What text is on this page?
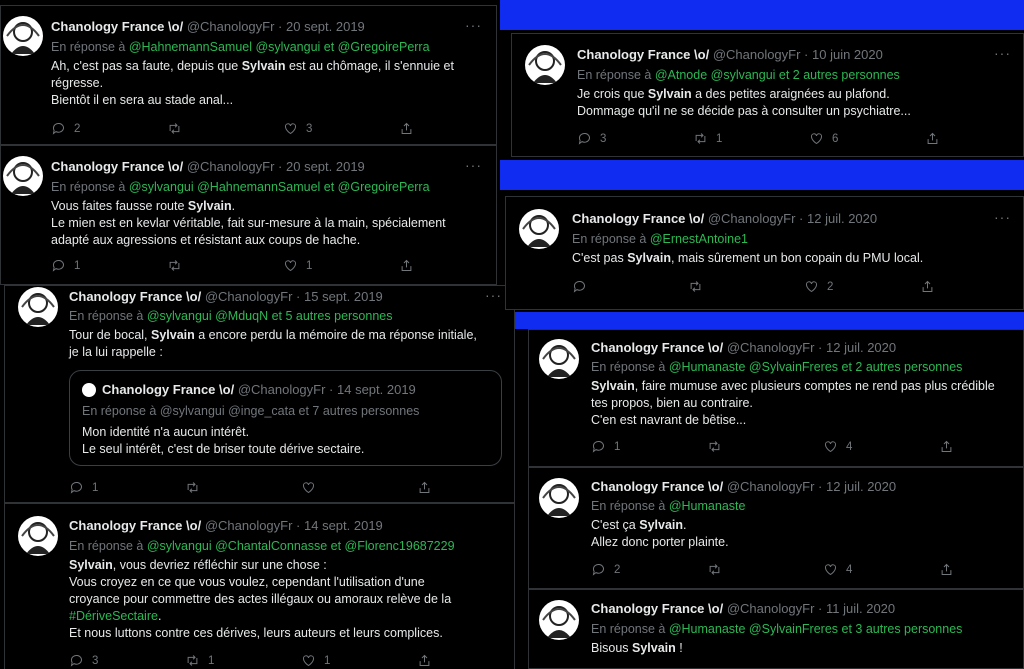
Chanology France \o/ @ChanologyFr · 20 sept. 2019	···
En réponse à @HahnemannSamuel @sylvangui et @GregoirePerra
Ah, c'est pas sa faute, depuis que Sylvain est au chômage, il s'ennuie et
régresse.
Bientôt il en sera au stade anal...
2	3
Chanology France \o/ @ChanologyFr · 20 sept. 2019	···
En réponse à @sylvangui @HahnemannSamuel et @GregoirePerra
Vous faites fausse route Sylvain.
Le mien est en kevlar véritable, fait sur-mesure à la main, spécialement
adapté aux agressions et résistant aux coups de hache.
1	1
Chanology France \o/ @ChanologyFr · 15 sept. 2019	···
En réponse à @sylvangui @MduqN et 5 autres personnes
Tour de bocal, Sylvain a encore perdu la mémoire de ma réponse initiale,
je la lui rappelle :
Chanology France \o/ @ChanologyFr · 14 sept. 2019
En réponse à @sylvangui @inge_cata et 7 autres personnes
Mon identité n'a aucun intérêt.
Le seul intérêt, c'est de briser toute dérive sectaire.
1
Chanology France \o/ @ChanologyFr · 14 sept. 2019
En réponse à @sylvangui @ChantalConnasse et @Florenc19687229
Sylvain, vous devriez réfléchir sur une chose :
Vous croyez en ce que vous voulez, cependant l'utilisation d'une
croyance pour commettre des actes illégaux ou amoraux relève de la
#DériveSectaire.
Et nous luttons contre ces dérives, leurs auteurs et leurs complices.
3	1	1
Chanology France \o/ @ChanologyFr · 10 juin 2020	···
En réponse à @Atnode @sylvangui et 2 autres personnes
Je crois que Sylvain a des petites araignées au plafond.
Dommage qu'il ne se décide pas à consulter un psychiatre...
3	1	6
Chanology France \o/ @ChanologyFr · 12 juil. 2020	···
En réponse à @ErnestAntoine1
C'est pas Sylvain, mais sûrement un bon copain du PMU local.
2
Chanology France \o/ @ChanologyFr · 12 juil. 2020
En réponse à @Humanaste @SylvainFreres et 2 autres personnes
Sylvain, faire mumuse avec plusieurs comptes ne rend pas plus crédible
tes propos, bien au contraire.
C'en est navrant de bêtise...
1	4
Chanology France \o/ @ChanologyFr · 12 juil. 2020
En réponse à @Humanaste
C'est ça Sylvain.
Allez donc porter plainte.
2	4
Chanology France \o/ @ChanologyFr · 11 juil. 2020
En réponse à @Humanaste @SylvainFreres et 3 autres personnes
Bisous Sylvain !
